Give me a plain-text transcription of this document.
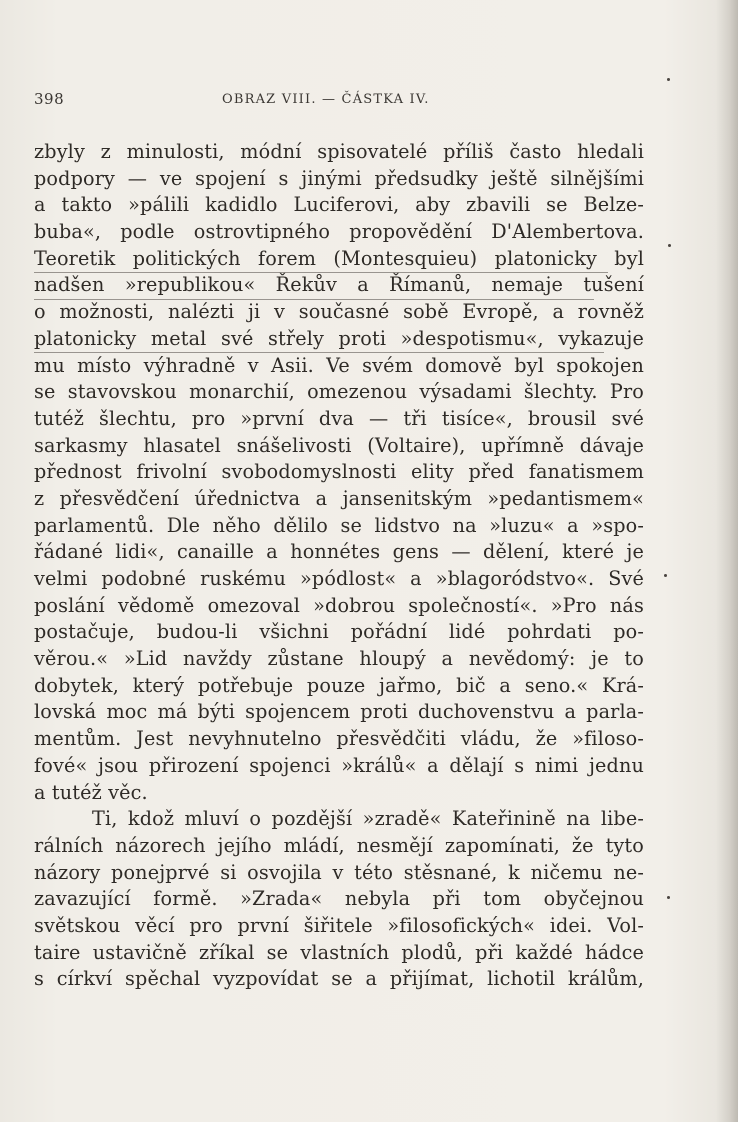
398	OBRAZ VIII. — ČÁSTKA IV.
zbyly z minulosti, módní spisovatelé příliš často hledali
podpory — ve spojení s jinými předsudky ještě silnějšími
a takto »pálili kadidlo Luciferovi, aby zbavili se Belze-
buba«, podle ostrovtipného propovědění D'Alembertova.
Teoretik politických forem (Montesquieu) platonicky byl
nadšen »republikou« Řekův a Římanů, nemaje tušení
o možnosti, nalézti ji v současné sobě Evropě, a rovněž
platonicky metal své střely proti »despotismu«, vykazuje
mu místo výhradně v Asii. Ve svém domově byl spokojen
se stavovskou monarchií, omezenou výsadami šlechty. Pro
tutéž šlechtu, pro »první dva — tři tisíce«, brousil své
sarkasmy hlasatel snášelivosti (Voltaire), upřímně dávaje
přednost frivolní svobodomyslnosti elity před fanatismem
z přesvědčení úřednictva a jansenitským »pedantismem«
parlamentů. Dle něho dělilo se lidstvo na »luzu« a »spo-
řádané lidi«, canaille a honnétes gens — dělení, které je
velmi podobné ruskému »pódlost« a »blagoródstvo«. Své
poslání vědomě omezoval »dobrou společností«. »Pro nás
postačuje, budou-li všichni pořádní lidé pohrdati po-
věrou.« »Lid navždy zůstane hloupý a nevědomý: je to
dobytek, který potřebuje pouze jařmo, bič a seno.« Krá-
lovská moc má býti spojencem proti duchovenstvu a parla-
mentům. Jest nevyhnutelno přesvědčiti vládu, že »filoso-
fové« jsou přirození spojenci »králů« a dělají s nimi jednu
a tutéž věc.
Ti, kdož mluví o pozdější »zradě« Kateřinině na libe-
rálních názorech jejího mládí, nesmějí zapomínati, že tyto
názory ponejprvé si osvojila v této stěsnané, k ničemu ne-
zavazující formě. »Zrada« nebyla při tom obyčejnou
světskou věcí pro první šiřitele »filosofických« idei. Vol-
taire ustavičně zříkal se vlastních plodů, při každé hádce
s církví spěchal vyzpovídat se a přijímat, lichotil králům,
